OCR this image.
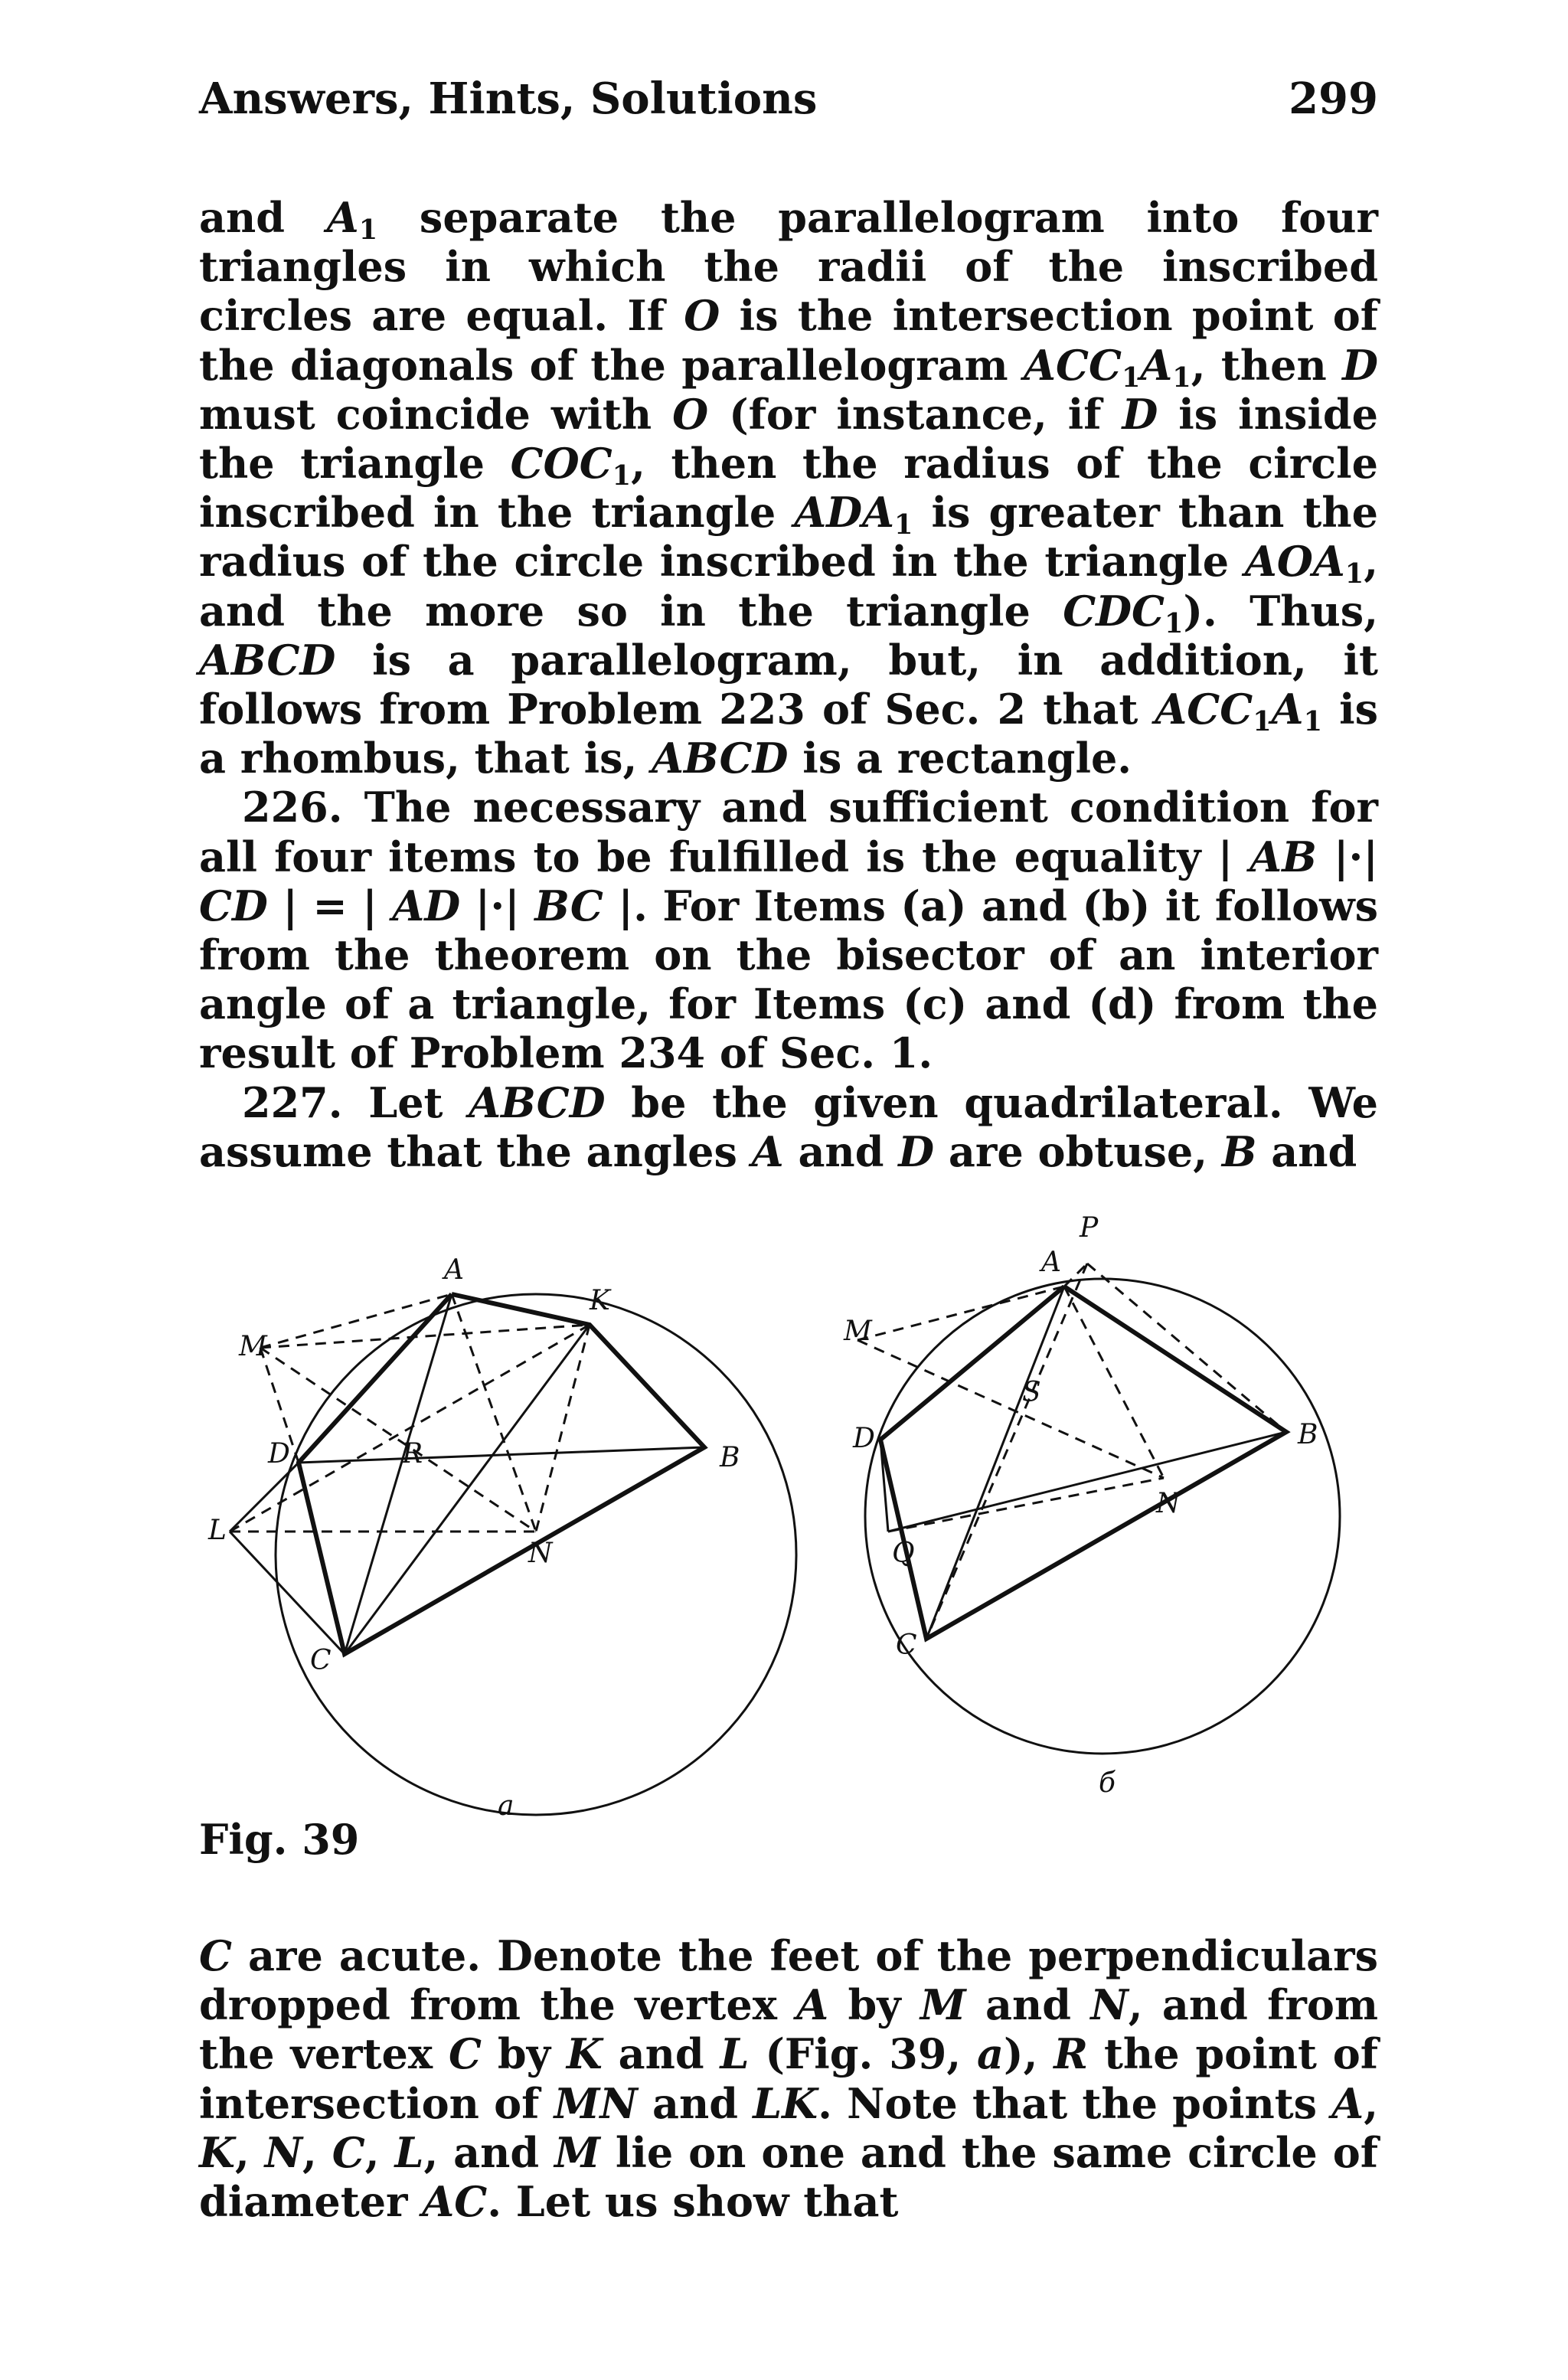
Answers, Hints, Solutions	299

and $A_1$ separate the parallelogram into four triangles in which the radii of the inscribed circles are equal. If O is the intersection point of the diagonals of the parallelogram $ACC_1A_1$, then D must coincide with O (for instance, if D is inside the triangle $COC_1$, then the radius of the circle inscribed in the triangle $ADA_1$ is greater than the radius of the circle inscribed in the triangle $AOA_1$, and the more so in the triangle $CDC_1$). Thus, ABCD is a parallelogram, but, in addition, it follows from Problem 223 of Sec. 2 that $ACC_1A_1$ is a rhombus, that is, ABCD is a rectangle.

226. The necessary and sufficient condition for all four items to be fulfilled is the equality | AB |·| CD | = | AD |·| BC |. For Items (a) and (b) it follows from the theorem on the bisector of an interior angle of a triangle, for Items (c) and (d) from the result of Problem 234 of Sec. 1.

227. Let ABCD be the given quadrilateral. We assume that the angles A and D are obtuse, B and

A
K
M
D	R	B
L
N
C
a
P
A
M
S
D	B
N
Q
C
б
Fig. 39

C are acute. Denote the feet of the perpendiculars dropped from the vertex A by M and N, and from the vertex C by K and L (Fig. 39, a), R the point of intersection of MN and LK. Note that the points A, K, N, C, L, and M lie on one and the same circle of diameter AC. Let us show that
